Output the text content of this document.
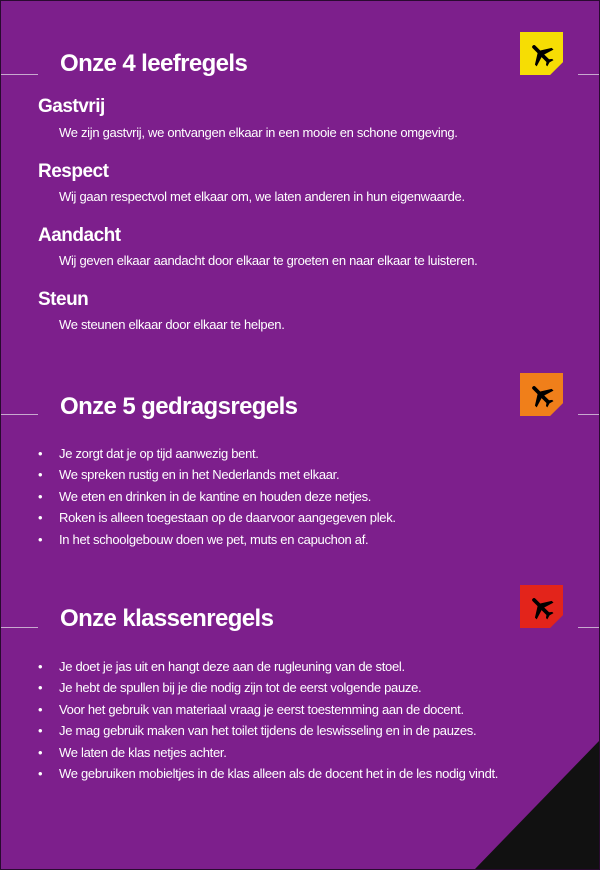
Onze 4 leefregels
Gastvrij

We zijn gastvrij, we ontvangen elkaar in een mooie en schone omgeving.

Respect

Wij gaan respectvol met elkaar om, we laten anderen in hun eigenwaarde.

Aandacht

Wij geven elkaar aandacht door elkaar te groeten en naar elkaar te luisteren.

Steun

We steunen elkaar door elkaar te helpen.

Onze 5 gedragsregels
• Je zorgt dat je op tijd aanwezig bent.
• We spreken rustig en in het Nederlands met elkaar.
• We eten en drinken in de kantine en houden deze netjes.
• Roken is alleen toegestaan op de daarvoor aangegeven plek.
• In het schoolgebouw doen we pet, muts en capuchon af.
Onze klassenregels
• Je doet je jas uit en hangt deze aan de rugleuning van de stoel.
• Je hebt de spullen bij je die nodig zijn tot de eerst volgende pauze.
• Voor het gebruik van materiaal vraag je eerst toestemming aan de docent.
• Je mag gebruik maken van het toilet tijdens de leswisseling en in de pauzes.
• We laten de klas netjes achter.
• We gebruiken mobieltjes in de klas alleen als de docent het in de les nodig vindt.
